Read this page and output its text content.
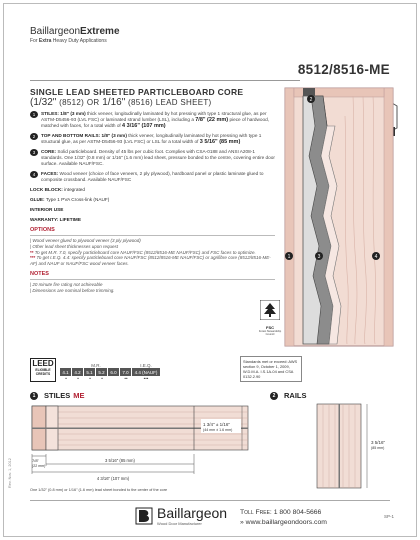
BaillargeonExtreme
For Extra Heavy Duty Applications
8512/8516-ME
SINGLE LEAD SHEETED PARTICLEBOARD CORE
(1/32" (8512) OR 1/16" (8516) LEAD SHEET)
1	STILES: 1/8" (3 mm) thick veneer, longitudinally laminated by hot pressing with type 1 structural glue, as per ASTM-D5456-93 (LVL FSC) or laminated strand lumber (LSL), including a 7/8" (22 mm) piece of hardwood, matched with faces, for a total width of 4 3/16" (107 mm)
2	TOP AND BOTTOM RAILS: 1/8" (3 mm) thick veneer, longitudinally laminated by hot pressing with type 1 structural glue, as per ASTM-D5456-93 (LVL FSC) or LSL for a total width of 3 5/16" (85 mm)
3	CORE: Solid particleboard. Density of 45 lbs per cubic foot. Complies with CSA-0188 and ANSI A208-1 standards. One 1/32" (0.8 mm) or 1/16" (1.6 mm) lead sheet, pressure bonded to the centre, covering entire door surface. Available NAUF/FSC.
4	FACES: Wood veneer (choice of face veneers, 2 ply plywood), hardboard panel or plastic laminate glued to composite crossband. Available NAUF/FSC
LOCK BLOCK: integrated
GLUE: Type 1 PVA Cross-link (NAUF)
INTERIOR USE
WARRANTY: LIFETIME
OPTIONS
| Wood veneer glued to plywood veneer (3 ply plywood)
| Other lead sheet thicknesses upon request
** To get M.R. 7.0, specify particleboard core NAUF/FSC (8512/8516-ME NAUF/FSC) and FSC faces to optimize.
*** To get I.E.Q. 4.4: specify particleboard core NAUF/FSC (8512/8516-ME NAUF/FSC) or agrifibre core (8512/8516-ME-AF) and NAUF or NAUF/FSC wood veneer faces.
NOTES
| 20 minute fire rating not achievable
| Dimensions are nominal before trimming.
1
2
3	4
FSC
Forest Stewardship Council
LEED
ELIGIBLE CREDITS
M.R.	I.E.Q.
4.1	4.2	5.1	5.2	6.0	7.0	4.4 (NAUF)
•	•	•	•	••	•••
Standards met or exceed: AWS section 9, October 1, 2009, W.D.M.A. I.S.1A-04 and CSA 0132.2.90
1	STILES ME	2	RAILS
1 3/4" ± 1/16"
(44 mm ± 1.6 mm)
7/8"
(22 mm)
3 5/16" (85 mm)
4 3/16" (107 mm)
One 1/32" (0.8 mm) or 1/16" (1.6 mm) lead sheet bonded to the center of the core
3 5/16"
(85 mm)
Rev. Nov. 1, 2012
Baillargeon
Wood Door Manufacturer
Toll Free: 1 800 804-5666
» www.baillargeondoors.com
SP-1
